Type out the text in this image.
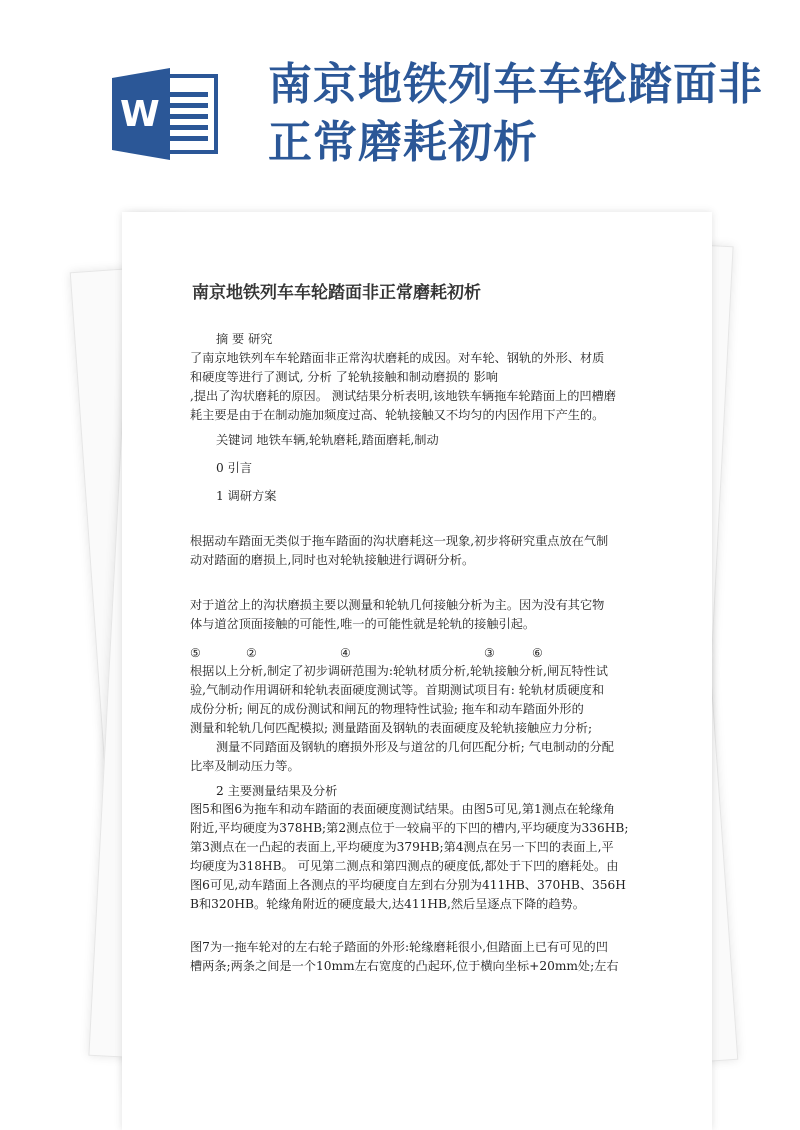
W
南京地铁列车车轮踏面非正常磨耗初析
南京地铁列车车轮踏面非正常磨耗初析

摘 要 研究

了南京地铁列车车轮踏面非正常沟状磨耗的成因。对车轮、钢轨的外形、材质

和硬度等进行了测试, 分析 了轮轨接触和制动磨损的 影响

,提出了沟状磨耗的原因。 测试结果分析表明,该地铁车辆拖车轮踏面上的凹槽磨

耗主要是由于在制动施加频度过高、轮轨接触又不均匀的内因作用下产生的。

关键词 地铁车辆,轮轨磨耗,踏面磨耗,制动

0 引言

1 调研方案

根据动车踏面无类似于拖车踏面的沟状磨耗这一现象,初步将研究重点放在气制

动对踏面的磨损上,同时也对轮轨接触进行调研分析。

对于道岔上的沟状磨损主要以测量和轮轨几何接触分析为主。因为没有其它物

体与道岔顶面接触的可能性,唯一的可能性就是轮轨的接触引起。

⑤	②	④	③	⑥

根据以上分析,制定了初步调研范围为:轮轨材质分析,轮轨接触分析,闸瓦特性试

验,气制动作用调研和轮轨表面硬度测试等。首期测试项目有: 轮轨材质硬度和

成份分析; 闸瓦的成份测试和闸瓦的物理特性试验; 拖车和动车踏面外形的

测量和轮轨几何匹配模拟; 测量踏面及钢轨的表面硬度及轮轨接触应力分析;

测量不同踏面及钢轨的磨损外形及与道岔的几何匹配分析; 气电制动的分配

比率及制动压力等。

2 主要测量结果及分析

图5和图6为拖车和动车踏面的表面硬度测试结果。由图5可见,第1测点在轮缘角

附近,平均硬度为378HB;第2测点位于一较扁平的下凹的槽内,平均硬度为336HB;

第3测点在一凸起的表面上,平均硬度为379HB;第4测点在另一下凹的表面上,平

均硬度为318HB。 可见第二测点和第四测点的硬度低,都处于下凹的磨耗处。由

图6可见,动车踏面上各测点的平均硬度自左到右分别为411HB、370HB、356H

B和320HB。轮缘角附近的硬度最大,达411HB,然后呈逐点下降的趋势。

图7为一拖车轮对的左右轮子踏面的外形:轮缘磨耗很小,但踏面上已有可见的凹

槽两条;两条之间是一个10mm左右宽度的凸起环,位于横向坐标+20mm处;左右
